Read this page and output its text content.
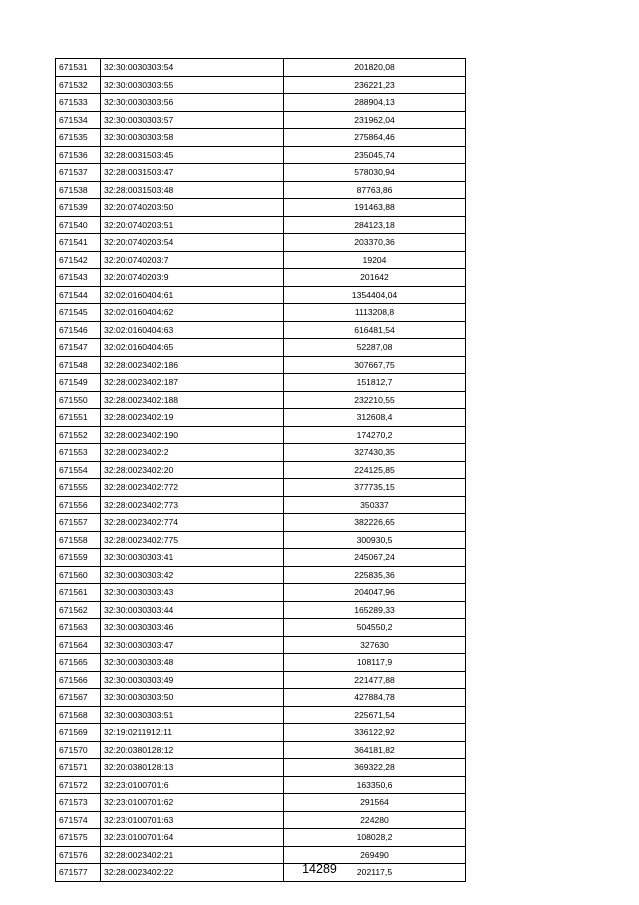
671531	32:30:0030303:54	201820,08
671532	32:30:0030303:55	236221,23
671533	32:30:0030303:56	288904,13
671534	32:30:0030303:57	231962,04
671535	32:30:0030303:58	275864,46
671536	32:28:0031503:45	235045,74
671537	32:28:0031503:47	578030,94
671538	32:28:0031503:48	87763,86
671539	32:20:0740203:50	191463,88
671540	32:20:0740203:51	284123,18
671541	32:20:0740203:54	203370,36
671542	32:20:0740203:7	19204
671543	32:20:0740203:9	201642
671544	32:02:0160404:61	1354404,04
671545	32:02:0160404:62	1113208,8
671546	32:02:0160404:63	616481,54
671547	32:02:0160404:65	52287,08
671548	32:28:0023402:186	307667,75
671549	32:28:0023402:187	151812,7
671550	32:28:0023402:188	232210,55
671551	32:28:0023402:19	312608,4
671552	32:28:0023402:190	174270,2
671553	32:28:0023402:2	327430,35
671554	32:28:0023402:20	224125,85
671555	32:28:0023402:772	377735,15
671556	32:28:0023402:773	350337
671557	32:28:0023402:774	382226,65
671558	32:28:0023402:775	300930,5
671559	32:30:0030303:41	245067,24
671560	32:30:0030303:42	225835,36
671561	32:30:0030303:43	204047,96
671562	32:30:0030303:44	165289,33
671563	32:30:0030303:46	504550,2
671564	32:30:0030303:47	327630
671565	32:30:0030303:48	108117,9
671566	32:30:0030303:49	221477,88
671567	32:30:0030303:50	427884,78
671568	32:30:0030303:51	225671,54
671569	32:19:0211912:11	336122,92
671570	32:20:0380128:12	364181,82
671571	32:20:0380128:13	369322,28
671572	32:23:0100701:6	163350,6
671573	32:23:0100701:62	291564
671574	32:23:0100701:63	224280
671575	32:23:0100701:64	108028,2
671576	32:28:0023402:21	269490
671577	32:28:0023402:22	202117,5
14289
